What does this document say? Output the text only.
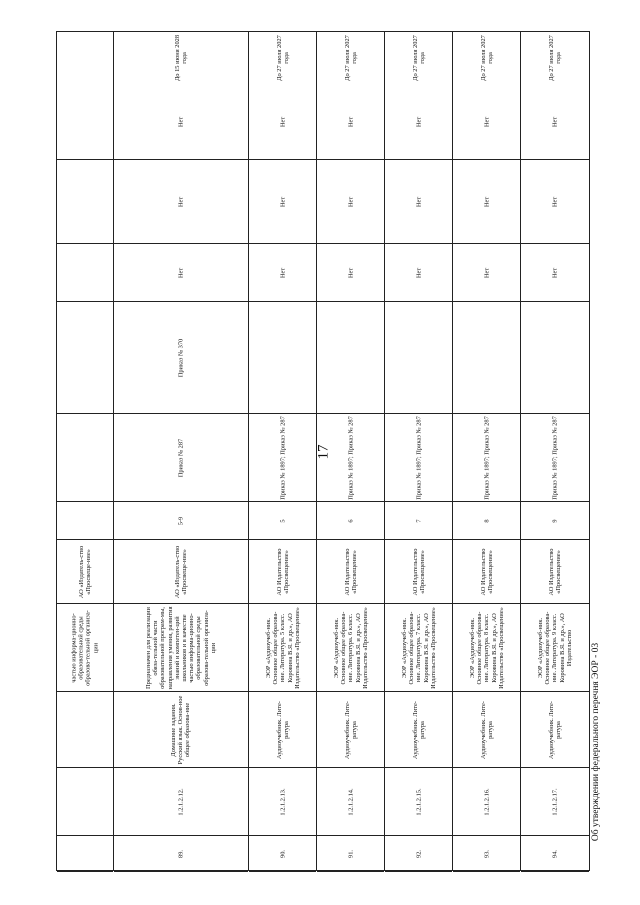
17
Об утверждении федерального перечня ЭОР - 03
частью информа-ционно-образовательной среды образова-тельной организа-ции
АО «Издатель-ство «Просвеще-ние»
89.
1.2.1.2.12.
Домашние задания. Русский язык. Основ-ное общее образова-ние
Предназначен для реализации обяза-тельной части образовательной програм-мы, направления умения, развития знаний и компетен-ций школьников и в качестве частью информа-ционно-образовательной среды образова-тельной организа-ции
АО «Издатель-ство «Просвеще-ние»
5-9
Приказ № 287
Приказ № 370
Нет
Нет
Нет
До 15 июня 2028 года
90.
1.2.1.2.13.
Аудиоучебник. Лите-ратура
ЭОР «Аудиоучеб-ник. Основное общее образова-ние. Литература. 5 класс. Коровина В.Я. и др.», АО Издательство «Просвещение»
АО Издательство «Просвещение»
5
Приказ № 1897; Приказ № 287
Нет
Нет
Нет
До 27 июля 2027 года
91.
1.2.1.2.14.
Аудиоучебник. Лите-ратура
ЭОР «Аудиоучеб-ник. Основное общее образова-ние. Литература. 6 класс. Коровина В.Я. и др.», АО Издательство «Просвещение»
АО Издательство «Просвещение»
6
Приказ № 1897; Приказ № 287
Нет
Нет
Нет
До 27 июля 2027 года
92.
1.2.1.2.15.
Аудиоучебник. Лите-ратура
ЭОР «Аудиоучеб-ник. Основное общее образова-ние. Литература. 7 класс. Коровина В.Я. и др.», АО Издательство «Просвещение»
АО Издательство «Просвещение»
7
Приказ № 1897; Приказ № 287
Нет
Нет
Нет
До 27 июля 2027 года
93.
1.2.1.2.16.
Аудиоучебник. Лите-ратура
ЭОР «Аудиоучеб-ник. Основное общее образова-ние. Литература. 8 класс. Коровина В.Я. и др.», АО Издательство «Просвещение»
АО Издательство «Просвещение»
8
Приказ № 1897; Приказ № 287
Нет
Нет
Нет
До 27 июля 2027 года
94.
1.2.1.2.17.
Аудиоучебник. Лите-ратура
ЭОР «Аудиоучеб-ник. Основное общее образова-ние. Литература. 9 класс. Коровина В.Я. и др.», АО Издательство
АО Издательство «Просвещение»
9
Приказ № 1897; Приказ № 287
Нет
Нет
Нет
До 27 июля 2027 года
